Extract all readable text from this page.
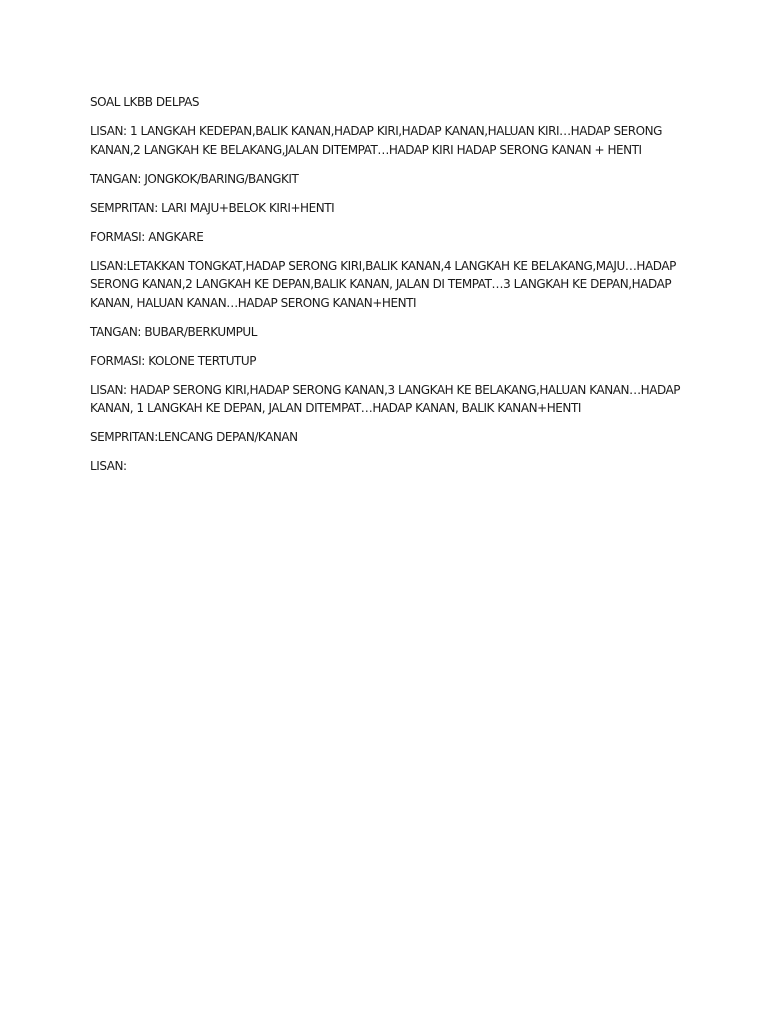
SOAL LKBB DELPAS

LISAN: 1 LANGKAH KEDEPAN,BALIK KANAN,HADAP KIRI,HADAP KANAN,HALUAN KIRI…HADAP SERONG KANAN,2 LANGKAH KE BELAKANG,JALAN DITEMPAT…HADAP KIRI HADAP SERONG KANAN + HENTI

TANGAN: JONGKOK/BARING/BANGKIT

SEMPRITAN: LARI MAJU+BELOK KIRI+HENTI

FORMASI: ANGKARE

LISAN:LETAKKAN TONGKAT,HADAP SERONG KIRI,BALIK KANAN,4 LANGKAH KE BELAKANG,MAJU…HADAP SERONG KANAN,2 LANGKAH KE DEPAN,BALIK KANAN, JALAN DI TEMPAT…3 LANGKAH KE DEPAN,HADAP KANAN, HALUAN KANAN…HADAP SERONG KANAN+HENTI

TANGAN: BUBAR/BERKUMPUL

FORMASI: KOLONE TERTUTUP

LISAN: HADAP SERONG KIRI,HADAP SERONG KANAN,3 LANGKAH KE BELAKANG,HALUAN KANAN…HADAP KANAN, 1 LANGKAH KE DEPAN, JALAN DITEMPAT…HADAP KANAN, BALIK KANAN+HENTI

SEMPRITAN:LENCANG DEPAN/KANAN

LISAN:
